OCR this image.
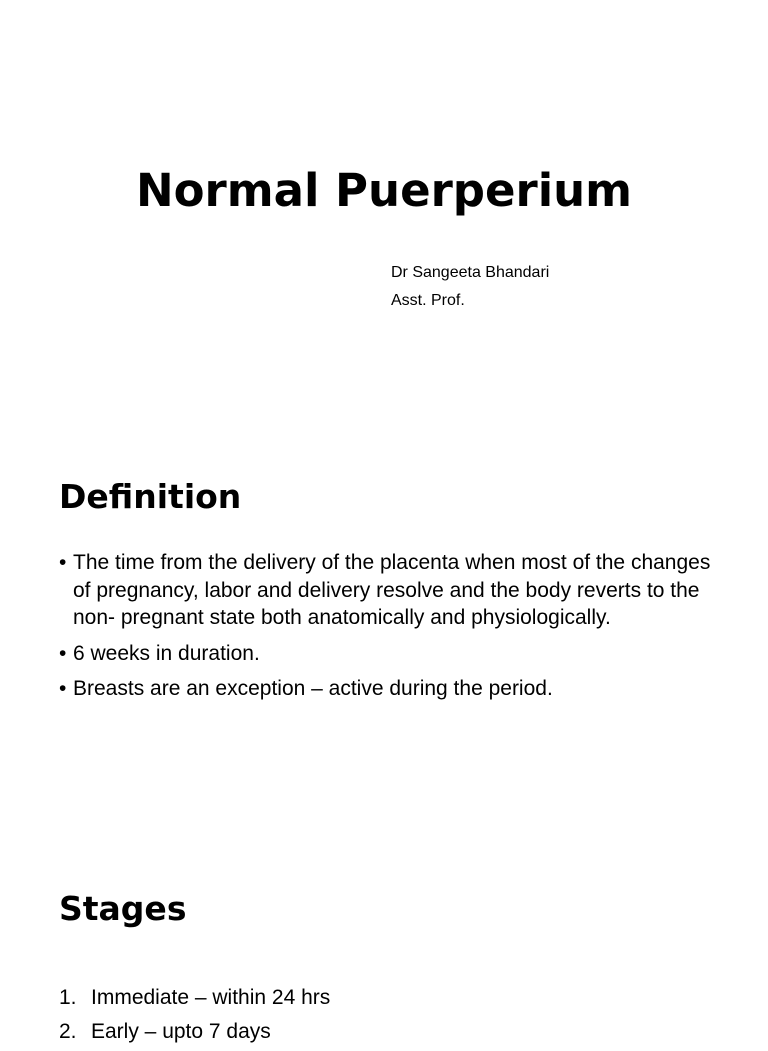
Normal Puerperium
Dr Sangeeta Bhandari
Asst. Prof.
Definition
• The time from the delivery of the placenta when most of the changes of pregnancy, labor and delivery resolve and the body reverts to the non- pregnant state both anatomically and physiologically.
• 6 weeks in duration.
• Breasts are an exception – active during the period.
Stages
1. Immediate – within 24 hrs
2. Early – upto 7 days
